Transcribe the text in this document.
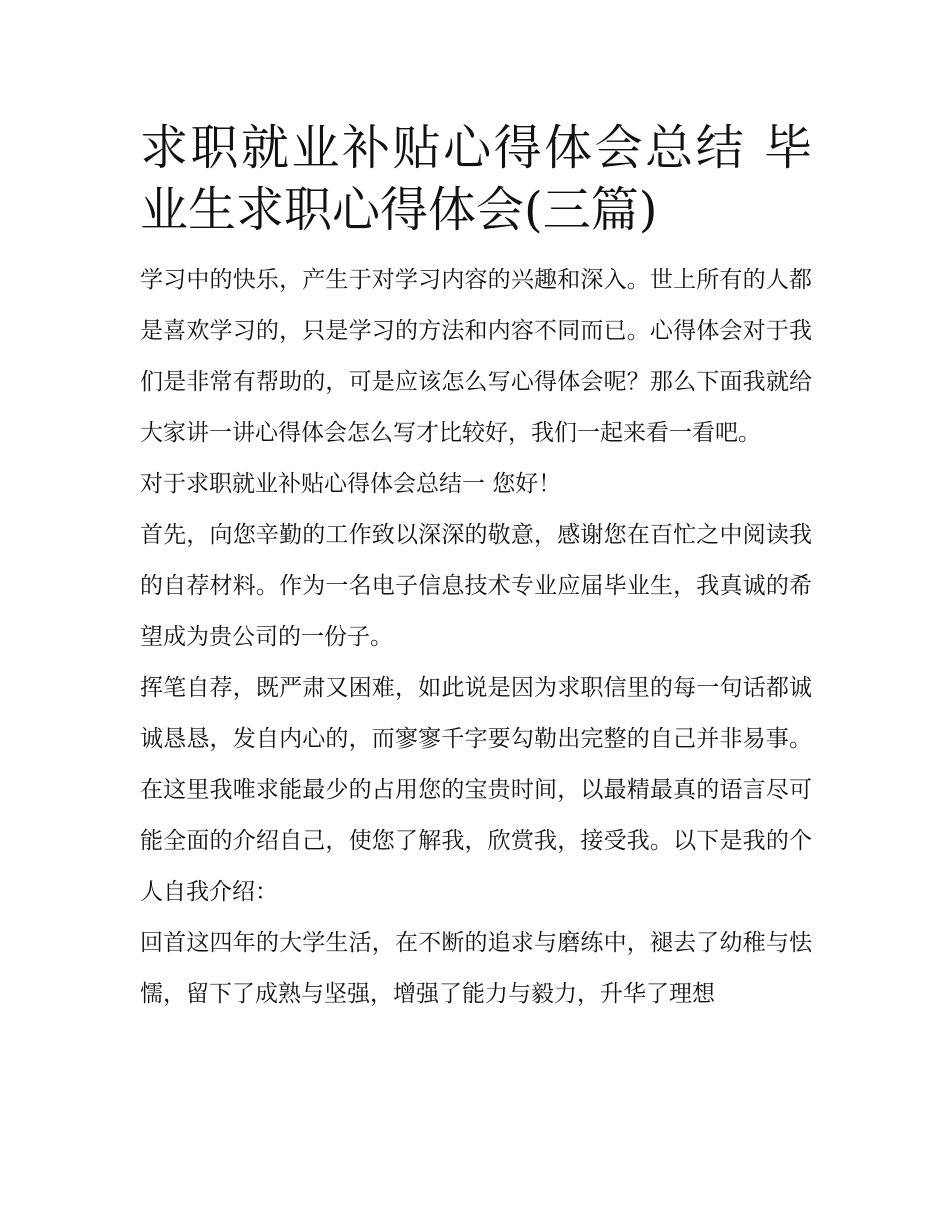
求职就业补贴心得体会总结 毕业生求职心得体会(三篇)

学习中的快乐，产生于对学习内容的兴趣和深入。世上所有的人都是喜欢学习的，只是学习的方法和内容不同而已。心得体会对于我们是非常有帮助的，可是应该怎么写心得体会呢？那么下面我就给大家讲一讲心得体会怎么写才比较好，我们一起来看一看吧。

对于求职就业补贴心得体会总结一 您好！

首先，向您辛勤的工作致以深深的敬意，感谢您在百忙之中阅读我的自荐材料。作为一名电子信息技术专业应届毕业生，我真诚的希望成为贵公司的一份子。

挥笔自荐，既严肃又困难，如此说是因为求职信里的每一句话都诚诚恳恳，发自内心的，而寥寥千字要勾勒出完整的自己并非易事。在这里我唯求能最少的占用您的宝贵时间，以最精最真的语言尽可能全面的介绍自己，使您了解我，欣赏我，接受我。以下是我的个人自我介绍：

回首这四年的大学生活，在不断的追求与磨练中，褪去了幼稚与怯懦，留下了成熟与坚强，增强了能力与毅力，升华了理想
